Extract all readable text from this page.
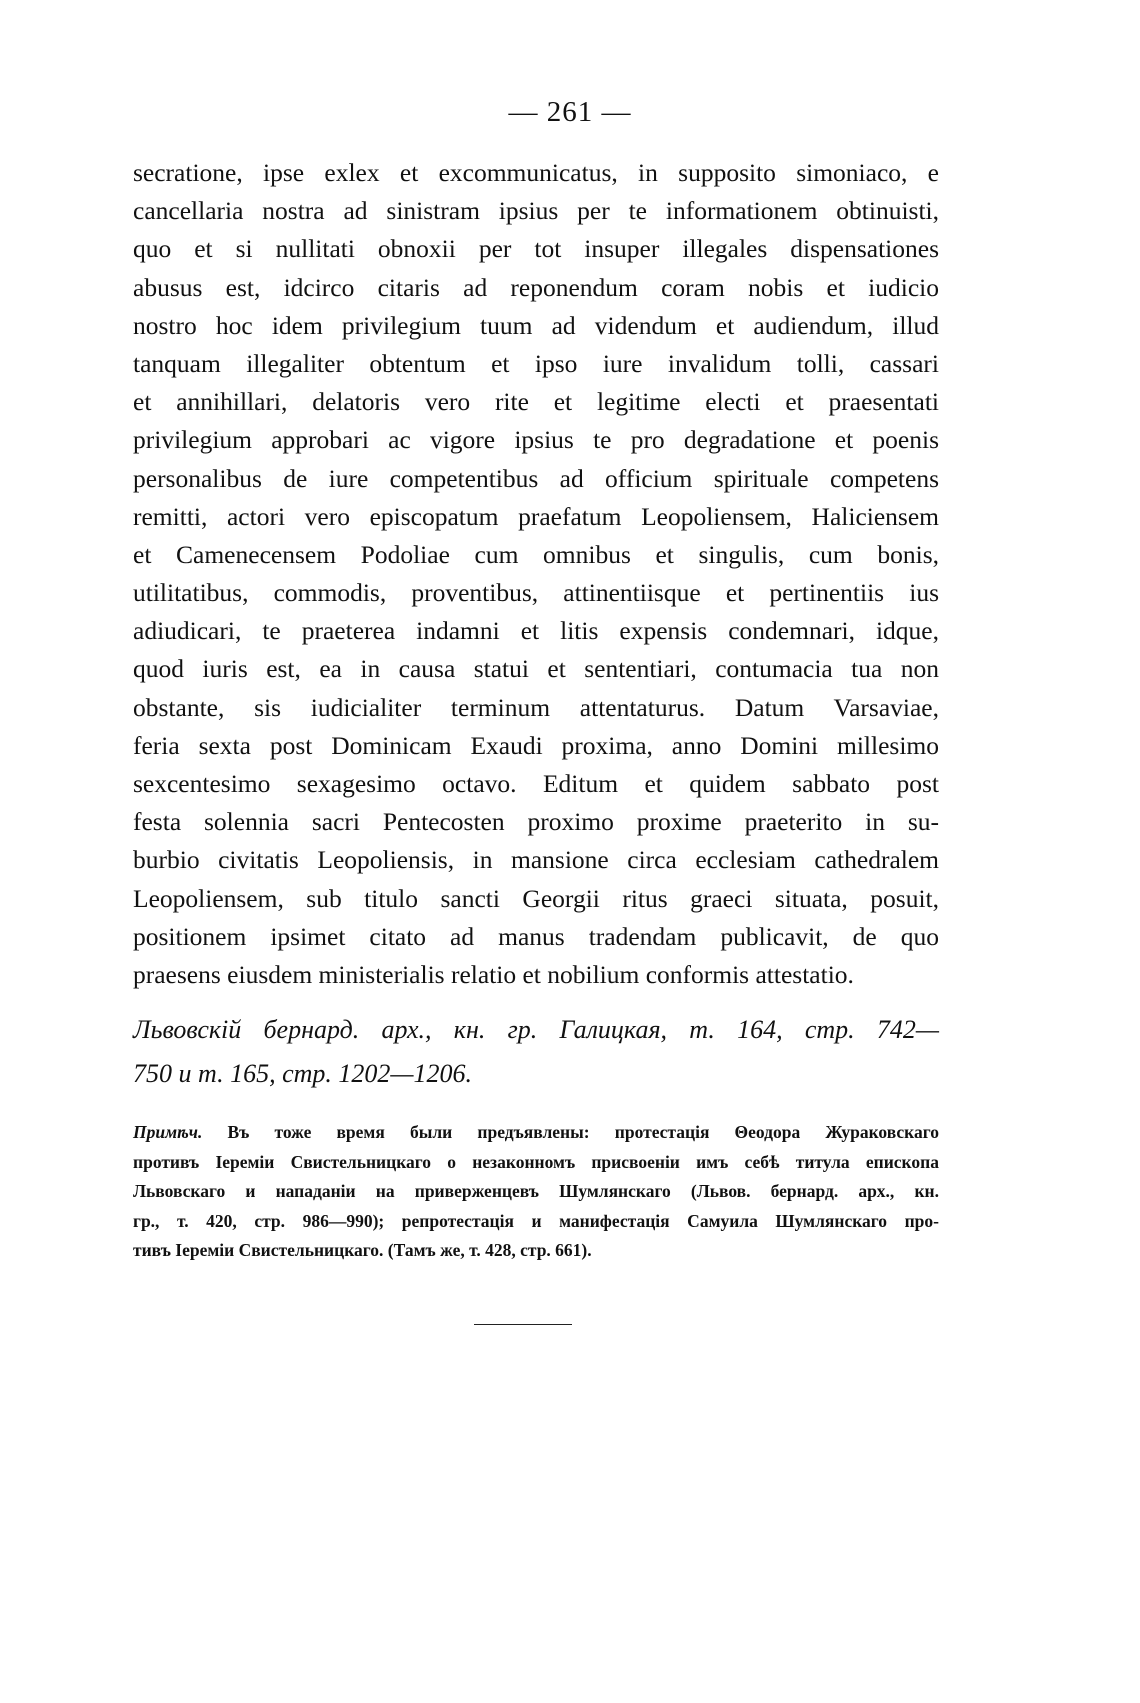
— 261 —
secratione, ipse exlex et excommunicatus, in supposito simoniaco, e
cancellaria nostra ad sinistram ipsius per te informationem obtinuisti,
quo et si nullitati obnoxii per tot insuper illegales dispensationes
abusus est, idcirco citaris ad reponendum coram nobis et iudicio
nostro hoc idem privilegium tuum ad videndum et audiendum, illud
tanquam illegaliter obtentum et ipso iure invalidum tolli, cassari
et annihillari, delatoris vero rite et legitime electi et praesentati
privilegium approbari ac vigore ipsius te pro degradatione et poenis
personalibus de iure competentibus ad officium spirituale competens
remitti, actori vero episcopatum praefatum Leopoliensem, Haliciensem
et Camenecensem Podoliae cum omnibus et singulis, cum bonis,
utilitatibus, commodis, proventibus, attinentiisque et pertinentiis ius
adiudicari, te praeterea indamni et litis expensis condemnari, idque,
quod iuris est, ea in causa statui et sententiari, contumacia tua non
obstante, sis iudicialiter terminum attentaturus. Datum Varsaviae,
feria sexta post Dominicam Exaudi proxima, anno Domini millesimo
sexcentesimo sexagesimo octavo. Editum et quidem sabbato post
festa solennia sacri Pentecosten proximo proxime praeterito in su-
burbio civitatis Leopoliensis, in mansione circa ecclesiam cathedralem
Leopoliensem, sub titulo sancti Georgii ritus graeci situata, posuit,
positionem ipsimet citato ad manus tradendam publicavit, de quo
praesens eiusdem ministerialis relatio et nobilium conformis attestatio.
Львовскій бернард. арх., кн. гр. Галицкая, т. 164, стр. 742—
750 и т. 165, стр. 1202—1206.
Примѣч. Въ тоже время были предъявлены: протестація Θеодора Жураковскаго
противъ Іереміи Свистельницкаго о незаконномъ присвоеніи имъ себѣ титула епископа
Львовскаго и нападаніи на приверженцевъ Шумлянскаго (Львов. бернард. арх., кн.
гр., т. 420, стр. 986—990); репротестація и манифестація Самуила Шумлянскаго про-
тивъ Іереміи Свистельницкаго. (Тамъ же, т. 428, стр. 661).
